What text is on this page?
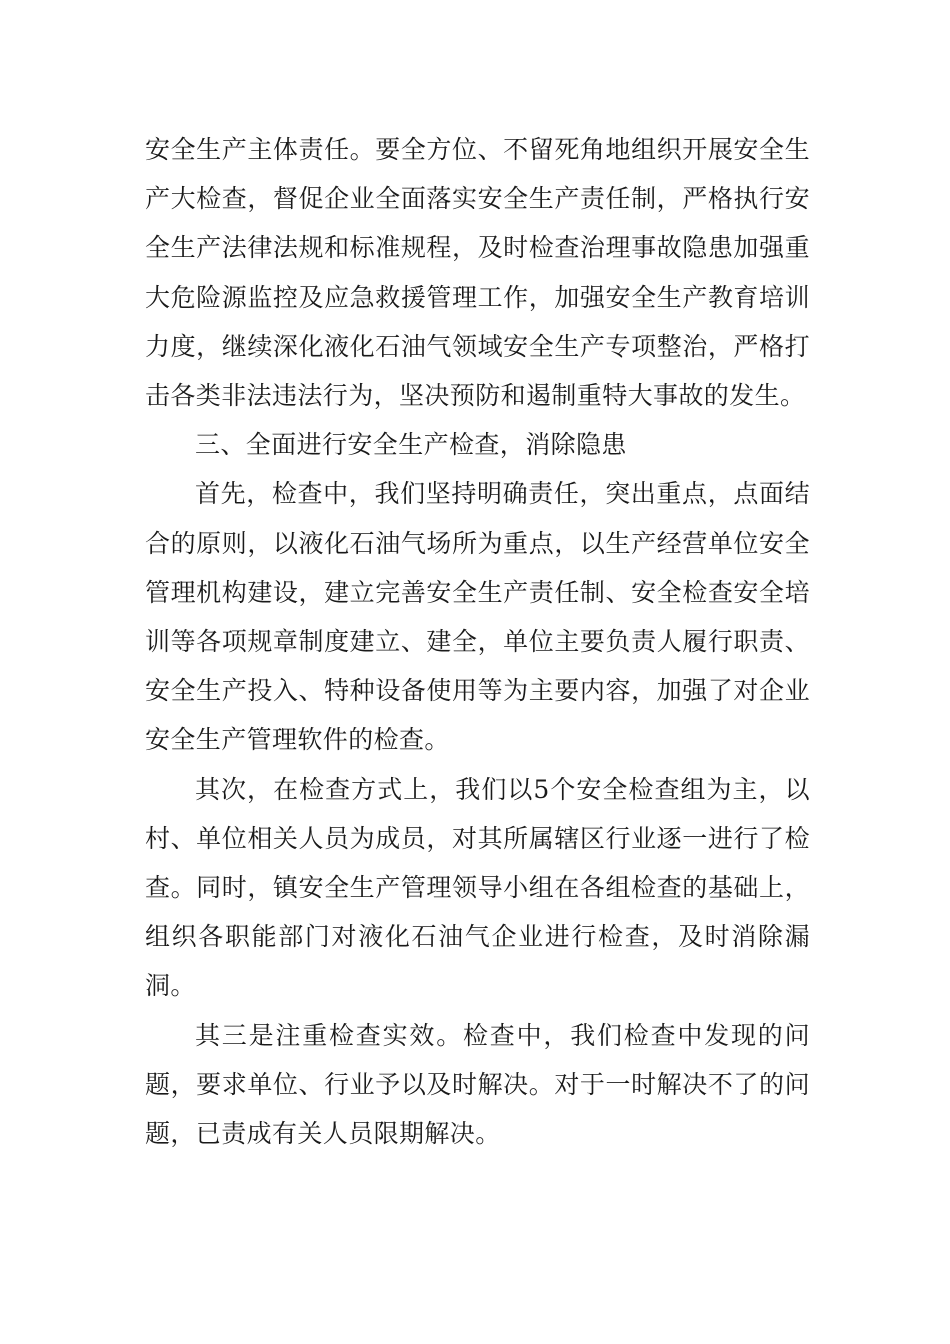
安全生产主体责任。要全方位、不留死角地组织开展安全生产大检查，督促企业全面落实安全生产责任制，严格执行安全生产法律法规和标准规程，及时检查治理事故隐患加强重大危险源监控及应急救援管理工作，加强安全生产教育培训力度，继续深化液化石油气领域安全生产专项整治，严格打击各类非法违法行为，坚决预防和遏制重特大事故的发生。

三、全面进行安全生产检查，消除隐患

首先，检查中，我们坚持明确责任，突出重点，点面结合的原则，以液化石油气场所为重点，以生产经营单位安全管理机构建设，建立完善安全生产责任制、安全检查安全培训等各项规章制度建立、建全，单位主要负责人履行职责、安全生产投入、特种设备使用等为主要内容，加强了对企业安全生产管理软件的检查。

其次，在检查方式上，我们以5个安全检查组为主，以村、单位相关人员为成员，对其所属辖区行业逐一进行了检查。同时，镇安全生产管理领导小组在各组检查的基础上，组织各职能部门对液化石油气企业进行检查，及时消除漏洞。

其三是注重检查实效。检查中，我们检查中发现的问题，要求单位、行业予以及时解决。对于一时解决不了的问题，已责成有关人员限期解决。
